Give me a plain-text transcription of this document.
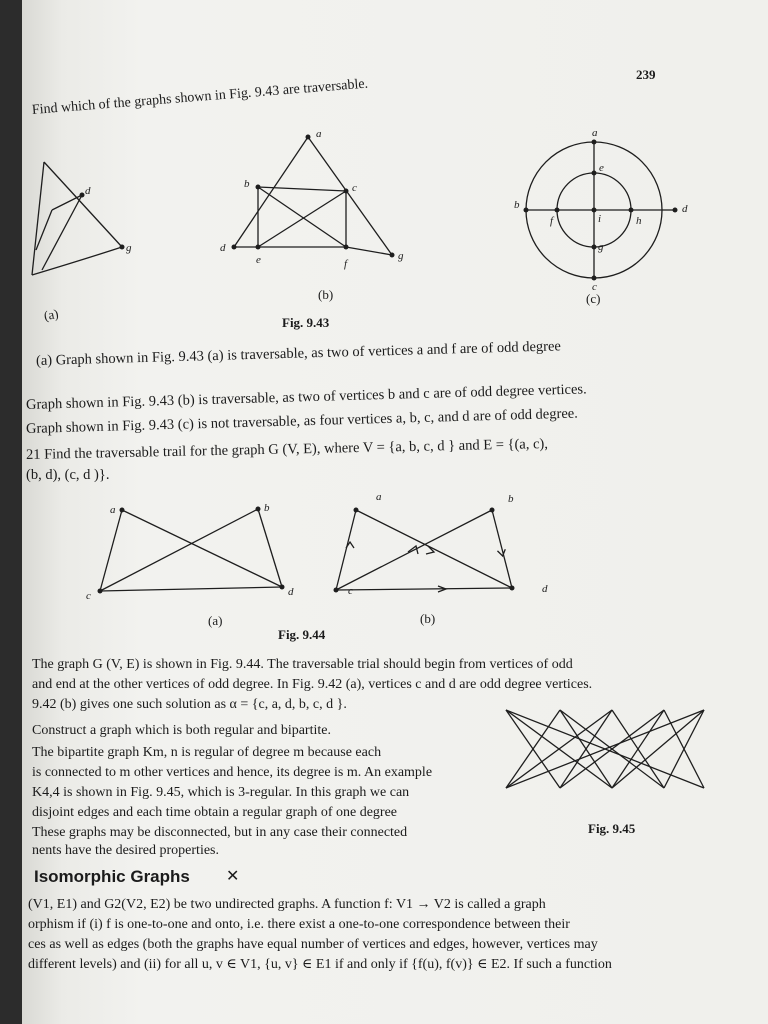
239
Find which of the graphs shown in Fig. 9.43 are traversable.
d
g
(a)
a
b	c
d
e	f
g
(b)
a
b
c
d
e
f
g
h
i
(c)
Fig. 9.43
(a) Graph shown in Fig. 9.43 (a) is traversable, as two of vertices a and f are of odd degree
Graph shown in Fig. 9.43 (b) is traversable, as two of vertices b and c are of odd degree vertices.
Graph shown in Fig. 9.43 (c) is not traversable, as four vertices a, b, c, and d are of odd degree.
21 Find the traversable trail for the graph G (V, E), where V = {a, b, c, d } and E = {(a, c),
(b, d), (c, d )}.
a	b
c	d
(a)
a	b
c	d
(b)
Fig. 9.44
The graph G (V, E) is shown in Fig. 9.44. The traversable trial should begin from vertices of odd
and end at the other vertices of odd degree. In Fig. 9.42 (a), vertices c and d are odd degree vertices.
9.42 (b) gives one such solution as α = {c, a, d, b, c, d }.
Construct a graph which is both regular and bipartite.
The bipartite graph Km, n is regular of degree m because each
is connected to m other vertices and hence, its degree is m. An example
K4,4 is shown in Fig. 9.45, which is 3-regular. In this graph we can
disjoint edges and each time obtain a regular graph of one degree
These graphs may be disconnected, but in any case their connected
nents have the desired properties.
Fig. 9.45
Isomorphic Graphs ✕
(V1, E1) and G2(V2, E2) be two undirected graphs. A function f: V1 → V2 is called a graph
orphism if (i) f is one-to-one and onto, i.e. there exist a one-to-one correspondence between their
ces as well as edges (both the graphs have equal number of vertices and edges, however, vertices may
different levels) and (ii) for all u, v ∈ V1, {u, v} ∈ E1 if and only if {f(u), f(v)} ∈ E2. If such a function
